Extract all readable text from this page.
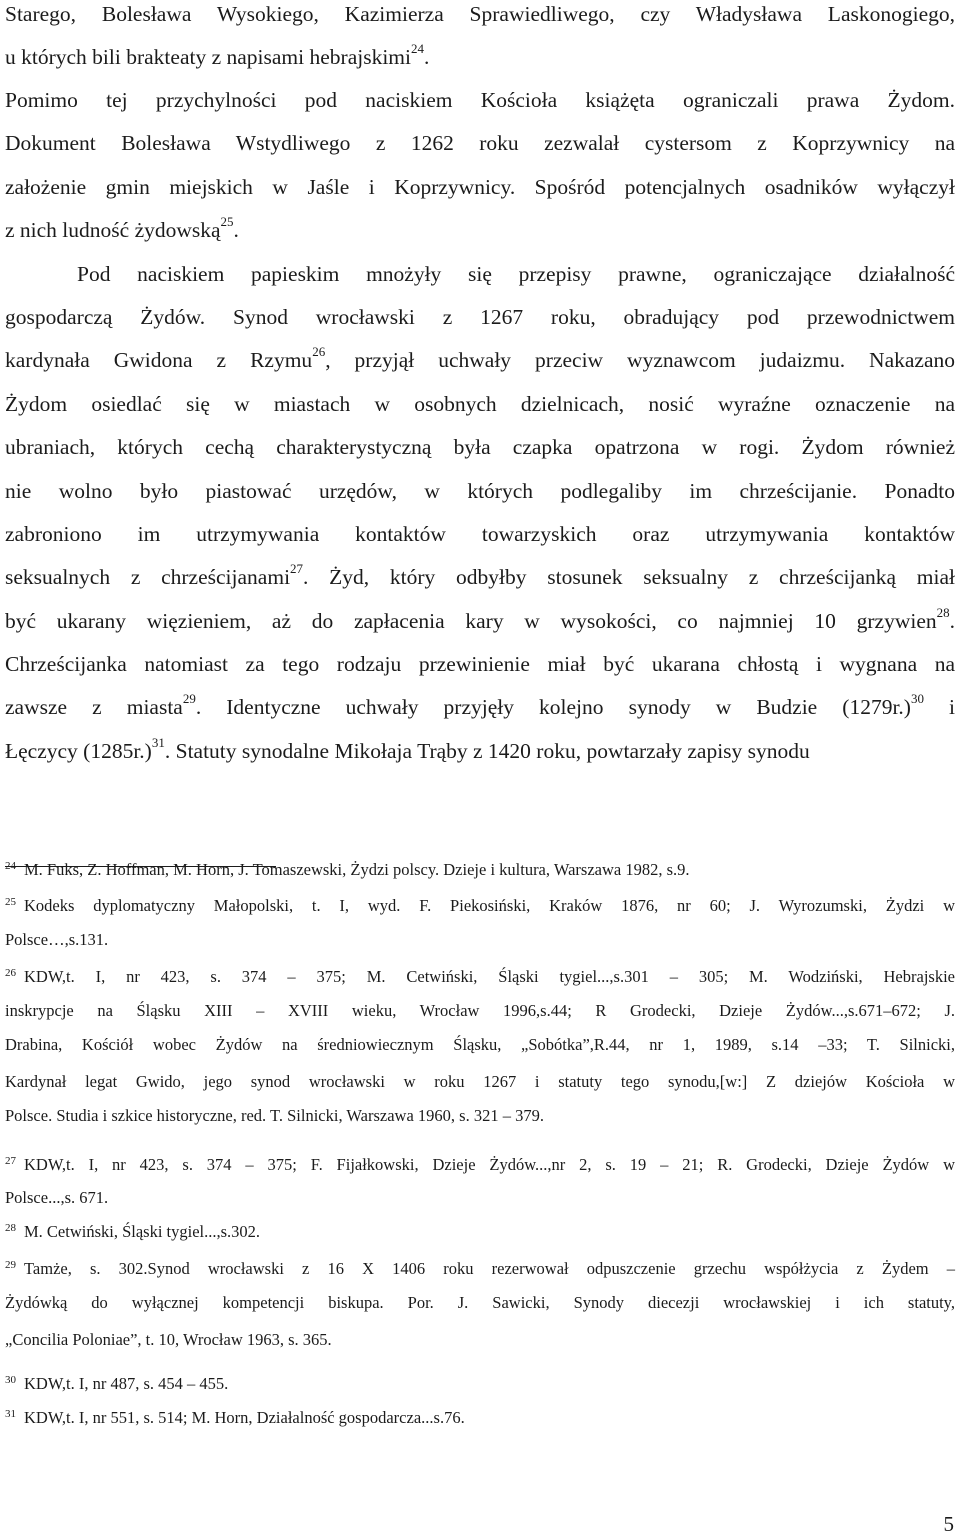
Starego, Bolesława Wysokiego, Kazimierza Sprawiedliwego, czy Władysława Laskonogiego,

u których bili brakteaty z napisami hebrajskimi$^{24}$.

Pomimo tej przychylności pod naciskiem Kościoła książęta ograniczali prawa Żydom.

Dokument Bolesława Wstydliwego z 1262 roku zezwalał cystersom z Koprzywnicy na

założenie gmin miejskich w Jaśle i Koprzywnicy. Spośród potencjalnych osadników wyłączył

z nich ludność żydowską$^{25}$.

Pod naciskiem papieskim mnożyły się przepisy prawne, ograniczające działalność

gospodarczą Żydów. Synod wrocławski z 1267 roku, obradujący pod przewodnictwem

kardynała Gwidona z Rzymu$^{26}$, przyjął uchwały przeciw wyznawcom judaizmu. Nakazano

Żydom osiedlać się w miastach w osobnych dzielnicach, nosić wyraźne oznaczenie na

ubraniach, których cechą charakterystyczną była czapka opatrzona w rogi. Żydom również

nie wolno było piastować urzędów, w których podlegaliby im chrześcijanie. Ponadto

zabroniono im utrzymywania kontaktów towarzyskich oraz utrzymywania kontaktów

seksualnych z chrześcijanami$^{27}$. Żyd, który odbyłby stosunek seksualny z chrześcijanką miał

być ukarany więzieniem, aż do zapłacenia kary w wysokości, co najmniej 10 grzywien$^{28}$.

Chrześcijanka natomiast za tego rodzaju przewinienie miał być ukarana chłostą i wygnana na

zawsze z miasta$^{29}$. Identyczne uchwały przyjęły kolejno synody w Budzie (1279r.)$^{30}$ i

Łęczycy (1285r.)$^{31}$. Statuty synodalne Mikołaja Trąby z 1420 roku, powtarzały zapisy synodu

$^{24}$ M. Fuks, Z. Hoffman, M. Horn, J. Tomaszewski, Żydzi polscy. Dzieje i kultura, Warszawa 1982, s.9.

$^{25}$ Kodeks dyplomatyczny Małopolski, t. I, wyd. F. Piekosiński, Kraków 1876, nr 60; J. Wyrozumski, Żydzi w

Polsce…,s.131.

$^{26}$ KDW,t. I, nr 423, s. 374 – 375; M. Cetwiński, Śląski tygiel...,s.301 – 305; M. Wodziński, Hebrajskie

inskrypcje na Śląsku XIII – XVIII wieku, Wrocław 1996,s.44; R Grodecki, Dzieje Żydów...,s.671–672; J.

Drabina, Kościół wobec Żydów na średniowiecznym Śląsku, „Sobótka”,R.44, nr 1, 1989, s.14 –33; T. Silnicki,

Kardynał legat Gwido, jego synod wrocławski w roku 1267 i statuty tego synodu,[w:] Z dziejów Kościoła w

Polsce. Studia i szkice historyczne, red. T. Silnicki, Warszawa 1960, s. 321 – 379.

$^{27}$ KDW,t. I, nr 423, s. 374 – 375; F. Fijałkowski, Dzieje Żydów...,nr 2, s. 19 – 21; R. Grodecki, Dzieje Żydów w

Polsce...,s. 671.

$^{28}$ M. Cetwiński, Śląski tygiel...,s.302.

$^{29}$ Tamże, s. 302.Synod wrocławski z 16 X 1406 roku rezerwował odpuszczenie grzechu współżycia z Żydem –

Żydówką do wyłącznej kompetencji biskupa. Por. J. Sawicki, Synody diecezji wrocławskiej i ich statuty,

„Concilia Poloniae”, t. 10, Wrocław 1963, s. 365.

$^{30}$ KDW,t. I, nr 487, s. 454 – 455.

$^{31}$ KDW,t. I, nr 551, s. 514; M. Horn, Działalność gospodarcza...s.76.

5
